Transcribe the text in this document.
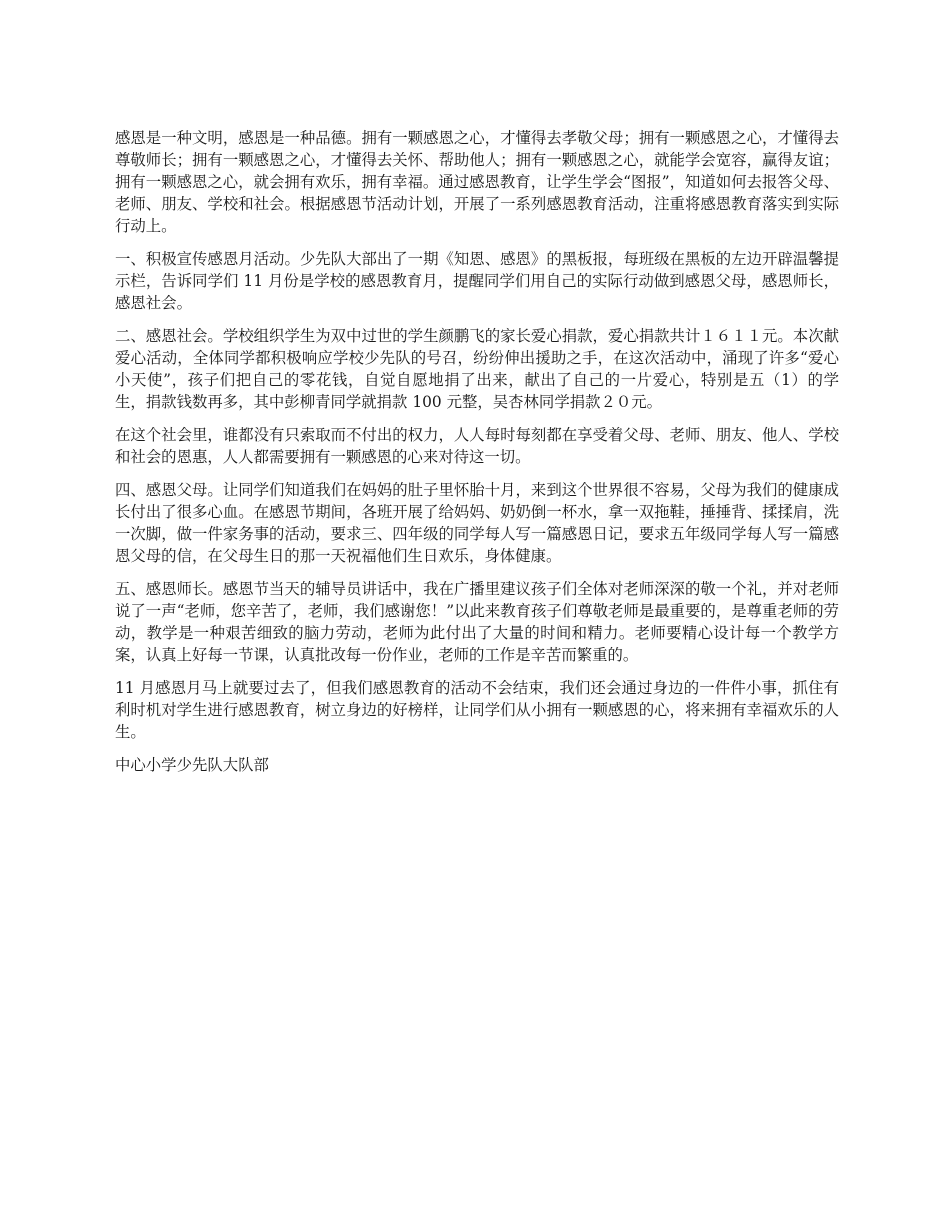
感恩是一种文明，感恩是一种品德。拥有一颗感恩之心，才懂得去孝敬父母；拥有一颗感恩之心，才懂得去尊敬师长；拥有一颗感恩之心，才懂得去关怀、帮助他人；拥有一颗感恩之心，就能学会宽容，赢得友谊；拥有一颗感恩之心，就会拥有欢乐，拥有幸福。通过感恩教育，让学生学会“图报”，知道如何去报答父母、老师、朋友、学校和社会。根据感恩节活动计划，开展了一系列感恩教育活动，注重将感恩教育落实到实际行动上。

一、积极宣传感恩月活动。少先队大部出了一期《知恩、感恩》的黑板报，每班级在黑板的左边开辟温馨提示栏，告诉同学们 11 月份是学校的感恩教育月，提醒同学们用自己的实际行动做到感恩父母，感恩师长，感恩社会。

二、感恩社会。学校组织学生为双中过世的学生颜鹏飞的家长爱心捐款，爱心捐款共计１６１１元。本次献爱心活动，全体同学都积极响应学校少先队的号召，纷纷伸出援助之手，在这次活动中，涌现了许多“爱心小天使”，孩子们把自己的零花钱，自觉自愿地捐了出来，献出了自己的一片爱心，特别是五（1）的学生，捐款钱数再多，其中彭柳青同学就捐款 100 元整，吴杏林同学捐款２０元。

在这个社会里，谁都没有只索取而不付出的权力，人人每时每刻都在享受着父母、老师、朋友、他人、学校和社会的恩惠，人人都需要拥有一颗感恩的心来对待这一切。

四、感恩父母。让同学们知道我们在妈妈的肚子里怀胎十月，来到这个世界很不容易，父母为我们的健康成长付出了很多心血。在感恩节期间，各班开展了给妈妈、奶奶倒一杯水，拿一双拖鞋，捶捶背、揉揉肩，洗一次脚，做一件家务事的活动，要求三、四年级的同学每人写一篇感恩日记，要求五年级同学每人写一篇感恩父母的信，在父母生日的那一天祝福他们生日欢乐，身体健康。

五、感恩师长。感恩节当天的辅导员讲话中，我在广播里建议孩子们全体对老师深深的敬一个礼，并对老师说了一声“老师，您辛苦了，老师，我们感谢您！”以此来教育孩子们尊敬老师是最重要的，是尊重老师的劳动，教学是一种艰苦细致的脑力劳动，老师为此付出了大量的时间和精力。老师要精心设计每一个教学方案，认真上好每一节课，认真批改每一份作业，老师的工作是辛苦而繁重的。

11 月感恩月马上就要过去了，但我们感恩教育的活动不会结束，我们还会通过身边的一件件小事，抓住有利时机对学生进行感恩教育，树立身边的好榜样，让同学们从小拥有一颗感恩的心，将来拥有幸福欢乐的人生。

中心小学少先队大队部
